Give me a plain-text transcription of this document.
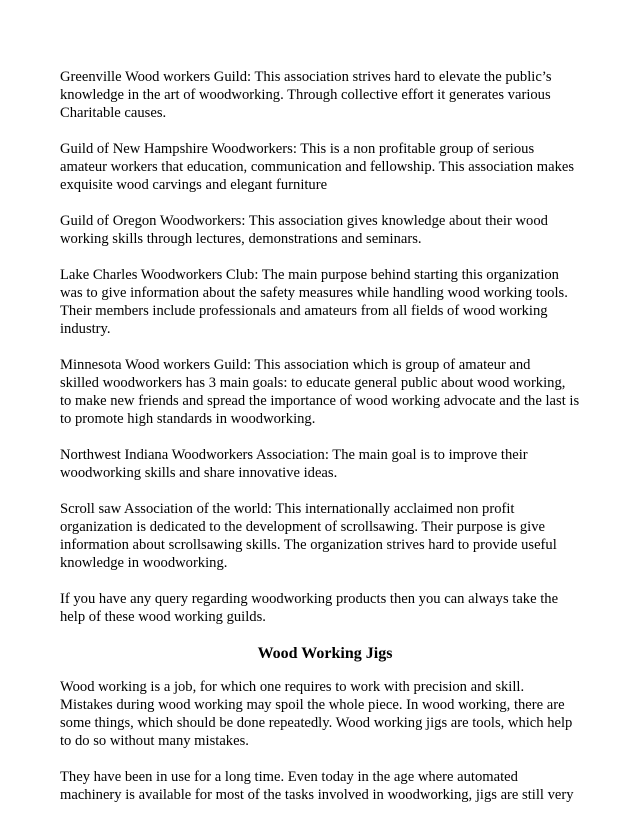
Greenville Wood workers Guild: This association strives hard to elevate the public’s
knowledge in the art of woodworking. Through collective effort it generates various
Charitable causes.

Guild of New Hampshire Woodworkers: This is a non profitable group of serious
amateur workers that education, communication and fellowship. This association makes
exquisite wood carvings and elegant furniture

Guild of Oregon Woodworkers: This association gives knowledge about their wood
working skills through lectures, demonstrations and seminars.

Lake Charles Woodworkers Club: The main purpose behind starting this organization
was to give information about the safety measures while handling wood working tools.
Their members include professionals and amateurs from all fields of wood working
industry.

Minnesota Wood workers Guild: This association which is group of amateur and
skilled woodworkers has 3 main goals: to educate general public about wood working,
to make new friends and spread the importance of wood working advocate and the last is
to promote high standards in woodworking.

Northwest Indiana Woodworkers Association: The main goal is to improve their
woodworking skills and share innovative ideas.

Scroll saw Association of the world: This internationally acclaimed non profit
organization is dedicated to the development of scrollsawing. Their purpose is give
information about scrollsawing skills. The organization strives hard to provide useful
knowledge in woodworking.

If you have any query regarding woodworking products then you can always take the
help of these wood working guilds.

Wood Working Jigs

Wood working is a job, for which one requires to work with precision and skill.
Mistakes during wood working may spoil the whole piece. In wood working, there are
some things, which should be done repeatedly. Wood working jigs are tools, which help
to do so without many mistakes.

They have been in use for a long time. Even today in the age where automated
machinery is available for most of the tasks involved in woodworking, jigs are still very
